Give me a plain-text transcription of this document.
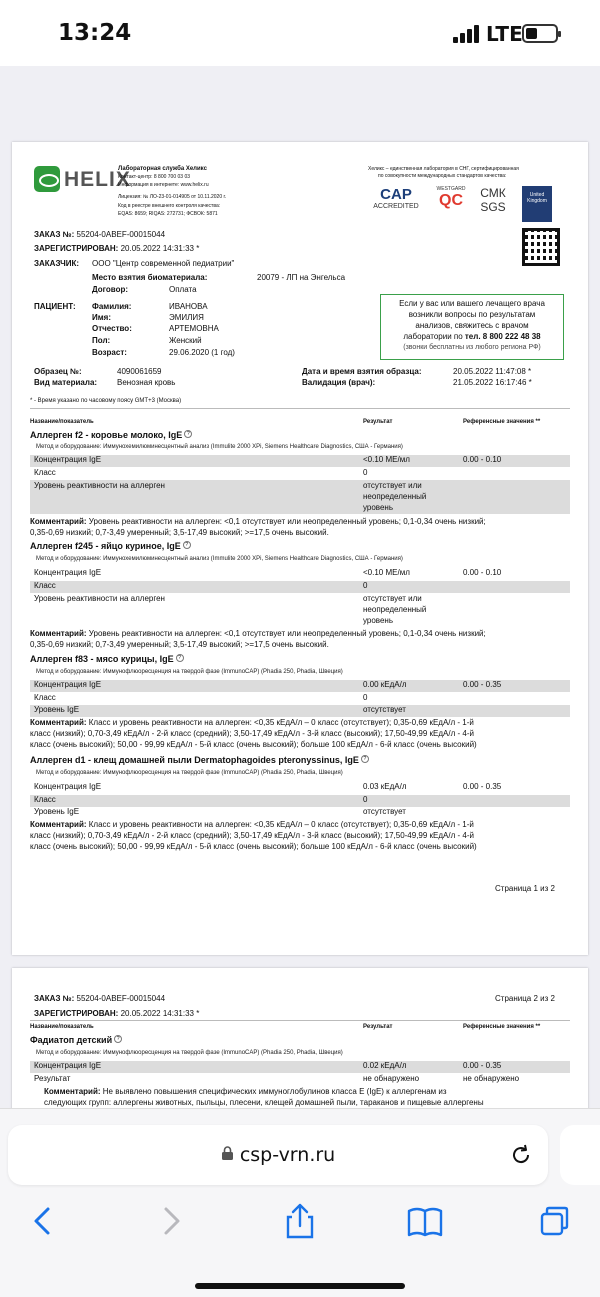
13:24	LTE
HELIX
Лабораторная служба Хеликс
Контакт-центр: 8 800 700 03 03
Информация в интернете: www.helix.ru
Лицензия: № ЛО-23-01-014905 от 10.11.2020 г.
Код в реестре внешнего контроля качества:
EQAS: 8659; RIQAS: 272731; ФСВОК: 5871
Хеликс – единственная лаборатория в СНГ, сертифицированная
по совокупности международных стандартов качества:
CAP
ACCREDITED
WESTGARD
QC	СМК
SGS
United Kingdom
ЗАКАЗ №: 55204-0ABEF-00015044
ЗАРЕГИСТРИРОВАН: 20.05.2022 14:31:33 *
ЗАКАЗЧИК: ООО "Центр современной педиатрии"
Место взятия биоматериала:	20079 - ЛП на Энгельса
Договор:	Оплата
ПАЦИЕНТ: Фамилия:	ИВАНОВА
Имя:	ЭМИЛИЯ
Отчество:	АРТЕМОВНА
Пол:	Женский
Возраст:	29.06.2020 (1 год)
Если у вас или вашего лечащего врача
возникли вопросы по результатам
анализов, свяжитесь с врачом
лаборатории по тел. 8 800 222 48 38
(звонки бесплатны из любого региона РФ)
Образец №:	4090061659
Вид материала: Венозная кровь
Дата и время взятия образца:	20.05.2022 11:47:08 *
Валидация (врач):	21.05.2022 16:17:46 *
* - Время указано по часовому поясу GMT+3 (Москва)
Название/показатель	Результат	Референсные значения **
Аллерген f2 - коровье молоко, IgE ?
Метод и оборудование: Иммунохемилюминесцентный анализ (Immulite 2000 XPi, Siemens Healthcare Diagnostics, США - Германия)
Концентрация IgE	<0.10 МЕ/мл	0.00 - 0.10
Класс	0
Уровень реактивности на аллерген	отсутствует или
неопределенный
уровень
Комментарий: Уровень реактивности на аллерген: <0,1 отсутствует или неопределенный уровень; 0,1-0,34 очень низкий;
0,35-0,69 низкий; 0,7-3,49 умеренный; 3,5-17,49 высокий; >=17,5 очень высокий.
Аллерген f245 - яйцо куриное, IgE ?
Метод и оборудование: Иммунохемилюминесцентный анализ (Immulite 2000 XPi, Siemens Healthcare Diagnostics, США - Германия)
Концентрация IgE	<0.10 МЕ/мл	0.00 - 0.10
Класс	0
Уровень реактивности на аллерген	отсутствует или
неопределенный
уровень
Комментарий: Уровень реактивности на аллерген: <0,1 отсутствует или неопределенный уровень; 0,1-0,34 очень низкий;
0,35-0,69 низкий; 0,7-3,49 умеренный; 3,5-17,49 высокий; >=17,5 очень высокий.
Аллерген f83 - мясо курицы, IgE ?
Метод и оборудование: Иммунофлюоресценция на твердой фазе (ImmunoCAP) (Phadia 250, Phadia, Швеция)
Концентрация IgE	0.00 кЕдА/л	0.00 - 0.35
Класс	0
Уровень IgE	отсутствует
Комментарий: Класс и уровень реактивности на аллерген: <0,35 кЕдА/л – 0 класс (отсутствует); 0,35-0,69 кЕдА/л - 1-й
класс (низкий); 0,70-3,49 кЕдА/л - 2-й класс (средний); 3,50-17,49 кЕдА/л - 3-й класс (высокий); 17,50-49,99 кЕдА/л - 4-й
класс (очень высокий); 50,00 - 99,99 кЕдА/л - 5-й класс (очень высокий); больше 100 кЕдА/л - 6-й класс (очень высокий)
Аллерген d1 - клещ домашней пыли Dermatophagoides pteronyssinus, IgE ?
Метод и оборудование: Иммунофлюоресценция на твердой фазе (ImmunoCAP) (Phadia 250, Phadia, Швеция)
Концентрация IgE	0.03 кЕдА/л	0.00 - 0.35
Класс	0
Уровень IgE	отсутствует
Комментарий: Класс и уровень реактивности на аллерген: <0,35 кЕдА/л – 0 класс (отсутствует); 0,35-0,69 кЕдА/л - 1-й
класс (низкий); 0,70-3,49 кЕдА/л - 2-й класс (средний); 3,50-17,49 кЕдА/л - 3-й класс (высокий); 17,50-49,99 кЕдА/л - 4-й
класс (очень высокий); 50,00 - 99,99 кЕдА/л - 5-й класс (очень высокий); больше 100 кЕдА/л - 6-й класс (очень высокий)
Страница 1 из 2
ЗАКАЗ №: 55204-0ABEF-00015044	Страница 2 из 2
ЗАРЕГИСТРИРОВАН: 20.05.2022 14:31:33 *
Название/показатель	Результат	Референсные значения **
Фадиатоп детский ?
Метод и оборудование: Иммунофлюоресценция на твердой фазе (ImmunoCAP) (Phadia 250, Phadia, Швеция)
Концентрация IgE	0.02 кЕдА/л	0.00 - 0.35
Результат	не обнаружено	не обнаружено
Комментарий: Не выявлено повышения специфических иммуноглобулинов класса Е (IgE) к аллергенам из
следующих групп: аллергены животных, пыльцы, плесени, клещей домашней пыли, тараканов и пищевые аллергены
csp-vrn.ru
